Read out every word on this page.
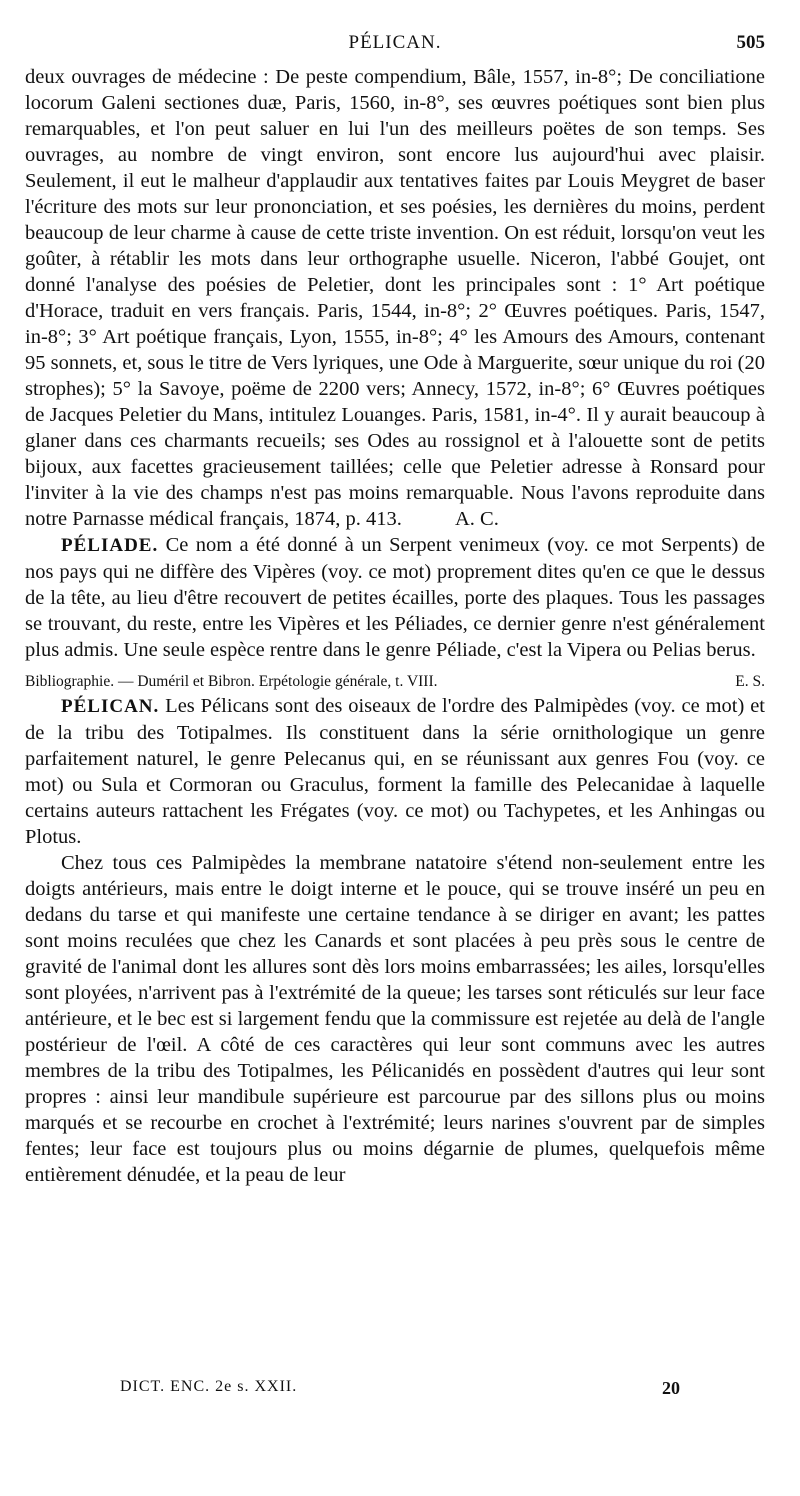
PÉLICAN.	505

deux ouvrages de médecine : De peste compendium, Bâle, 1557, in-8°; De conciliatione locorum Galeni sectiones duæ, Paris, 1560, in-8°, ses œuvres poétiques sont bien plus remarquables, et l'on peut saluer en lui l'un des meilleurs poëtes de son temps. Ses ouvrages, au nombre de vingt environ, sont encore lus aujourd'hui avec plaisir. Seulement, il eut le malheur d'applaudir aux tentatives faites par Louis Meygret de baser l'écriture des mots sur leur prononciation, et ses poésies, les dernières du moins, perdent beaucoup de leur charme à cause de cette triste invention. On est réduit, lorsqu'on veut les goûter, à rétablir les mots dans leur orthographe usuelle. Niceron, l'abbé Goujet, ont donné l'analyse des poésies de Peletier, dont les principales sont : 1° Art poétique d'Horace, traduit en vers français. Paris, 1544, in-8°; 2° Œuvres poétiques. Paris, 1547, in-8°; 3° Art poétique français, Lyon, 1555, in-8°; 4° les Amours des Amours, contenant 95 sonnets, et, sous le titre de Vers lyriques, une Ode à Marguerite, sœur unique du roi (20 strophes); 5° la Savoye, poëme de 2200 vers; Annecy, 1572, in-8°; 6° Œuvres poétiques de Jacques Peletier du Mans, intitulez Louanges. Paris, 1581, in-4°. Il y aurait beaucoup à glaner dans ces charmants recueils; ses Odes au rossignol et à l'alouette sont de petits bijoux, aux facettes gracieusement taillées; celle que Peletier adresse à Ronsard pour l'inviter à la vie des champs n'est pas moins remarquable. Nous l'avons reproduite dans notre Parnasse médical français, 1874, p. 413.	A. C.

PÉLIADE. Ce nom a été donné à un Serpent venimeux (voy. ce mot Serpents) de nos pays qui ne diffère des Vipères (voy. ce mot) proprement dites qu'en ce que le dessus de la tête, au lieu d'être recouvert de petites écailles, porte des plaques. Tous les passages se trouvant, du reste, entre les Vipères et les Péliades, ce dernier genre n'est généralement plus admis. Une seule espèce rentre dans le genre Péliade, c'est la Vipera ou Pelias berus.

Bibliographie. — Duméril et Bibron. Erpétologie générale, t. VIII.	E. S.

PÉLICAN. Les Pélicans sont des oiseaux de l'ordre des Palmipèdes (voy. ce mot) et de la tribu des Totipalmes. Ils constituent dans la série ornithologique un genre parfaitement naturel, le genre Pelecanus qui, en se réunissant aux genres Fou (voy. ce mot) ou Sula et Cormoran ou Graculus, forment la famille des Pelecanidae à laquelle certains auteurs rattachent les Frégates (voy. ce mot) ou Tachypetes, et les Anhingas ou Plotus.

Chez tous ces Palmipèdes la membrane natatoire s'étend non-seulement entre les doigts antérieurs, mais entre le doigt interne et le pouce, qui se trouve inséré un peu en dedans du tarse et qui manifeste une certaine tendance à se diriger en avant; les pattes sont moins reculées que chez les Canards et sont placées à peu près sous le centre de gravité de l'animal dont les allures sont dès lors moins embarrassées; les ailes, lorsqu'elles sont ployées, n'arrivent pas à l'extrémité de la queue; les tarses sont réticulés sur leur face antérieure, et le bec est si largement fendu que la commissure est rejetée au delà de l'angle postérieur de l'œil. A côté de ces caractères qui leur sont communs avec les autres membres de la tribu des Totipalmes, les Pélicanidés en possèdent d'autres qui leur sont propres : ainsi leur mandibule supérieure est parcourue par des sillons plus ou moins marqués et se recourbe en crochet à l'extrémité; leurs narines s'ouvrent par de simples fentes; leur face est toujours plus ou moins dégarnie de plumes, quelquefois même entièrement dénudée, et la peau de leur

DICT. ENC. 2e s. XXII.	20
